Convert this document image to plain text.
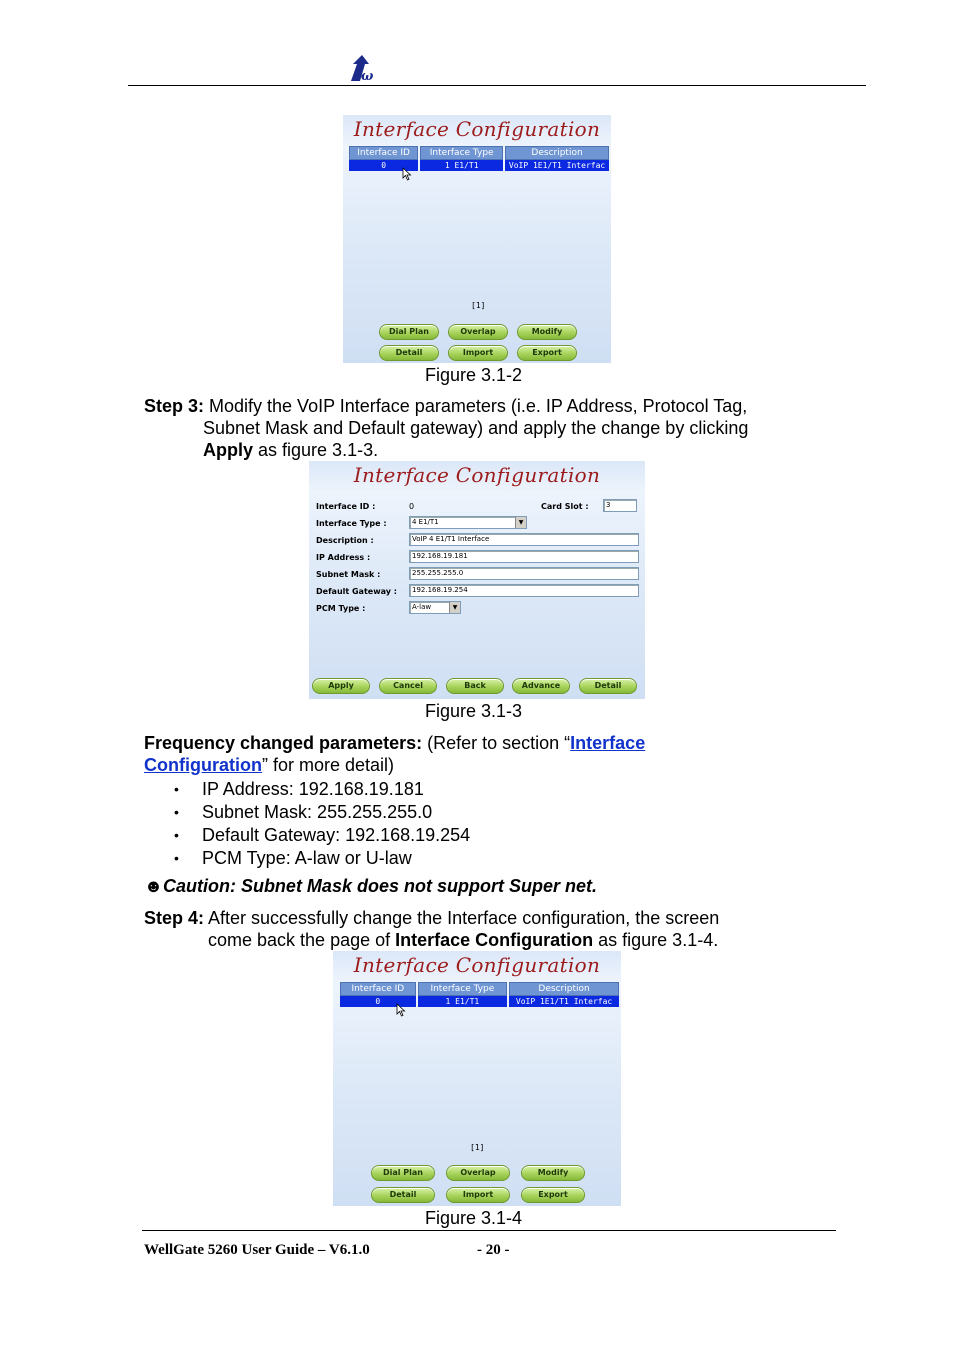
ω
Interface Configuration
Interface ID	Interface Type	Description
0	1 E1/T1	VoIP 1E1/T1 Interfac
[1]
Dial Plan	Overlap	Modify
Detail	Import	Export
Figure 3.1-2
Step 3: Modify the VoIP Interface parameters (i.e. IP Address, Protocol Tag,
Subnet Mask and Default gateway) and apply the change by clicking
Apply as figure 3.1-3.
Interface Configuration
Interface ID :	0	Card Slot :	3
Interface Type :	4 E1/T1	▼
Description :	VoIP 4 E1/T1 Interface
IP Address :	192.168.19.181
Subnet Mask :	255.255.255.0
Default Gateway :	192.168.19.254
PCM Type :	A-law	▼
Apply	Cancel	Back	Advance	Detail
Figure 3.1-3
Frequency changed parameters: (Refer to section “Interface
Configuration” for more detail)
• IP Address: 192.168.19.181
• Subnet Mask: 255.255.255.0
• Default Gateway: 192.168.19.254
• PCM Type: A-law or U-law
☻Caution: Subnet Mask does not support Super net.
Step 4: After successfully change the Interface configuration, the screen
come back the page of Interface Configuration as figure 3.1-4.
Interface Configuration
Interface ID	Interface Type	Description
0	1 E1/T1	VoIP 1E1/T1 Interfac
[1]
Dial Plan	Overlap	Modify
Detail	Import	Export
Figure 3.1-4
WellGate 5260 User Guide – V6.1.0	- 20 -
